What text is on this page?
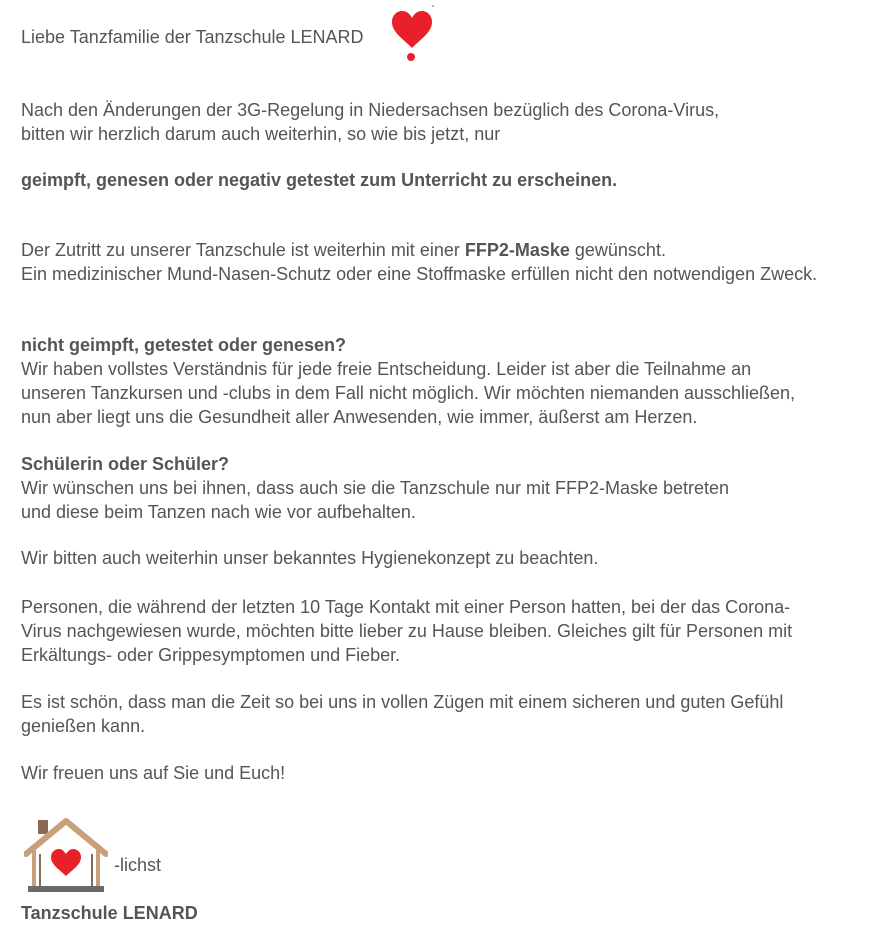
Liebe Tanzfamilie der Tanzschule LENARD

Nach den Änderungen der 3G-Regelung in Niedersachsen bezüglich des Corona-Virus,

bitten wir herzlich darum auch weiterhin, so wie bis jetzt, nur

geimpft, genesen oder negativ getestet zum Unterricht zu erscheinen.

Der Zutritt zu unserer Tanzschule ist weiterhin mit einer FFP2-Maske gewünscht.

Ein medizinischer Mund-Nasen-Schutz oder eine Stoffmaske erfüllen nicht den notwendigen Zweck.

nicht geimpft, getestet oder genesen?

Wir haben vollstes Verständnis für jede freie Entscheidung. Leider ist aber die Teilnahme an

unseren Tanzkursen und -clubs in dem Fall nicht möglich. Wir möchten niemanden ausschließen,

nun aber liegt uns die Gesundheit aller Anwesenden, wie immer, äußerst am Herzen.

Schülerin oder Schüler?

Wir wünschen uns bei ihnen, dass auch sie die Tanzschule nur mit FFP2-Maske betreten

und diese beim Tanzen nach wie vor aufbehalten.

Wir bitten auch weiterhin unser bekanntes Hygienekonzept zu beachten.

Personen, die während der letzten 10 Tage Kontakt mit einer Person hatten, bei der das Corona-

Virus nachgewiesen wurde, möchten bitte lieber zu Hause bleiben. Gleiches gilt für Personen mit

Erkältungs- oder Grippesymptomen und Fieber.

Es ist schön, dass man die Zeit so bei uns in vollen Zügen mit einem sicheren und guten Gefühl

genießen kann.

Wir freuen uns auf Sie und Euch!

-lichst

Tanzschule LENARD
